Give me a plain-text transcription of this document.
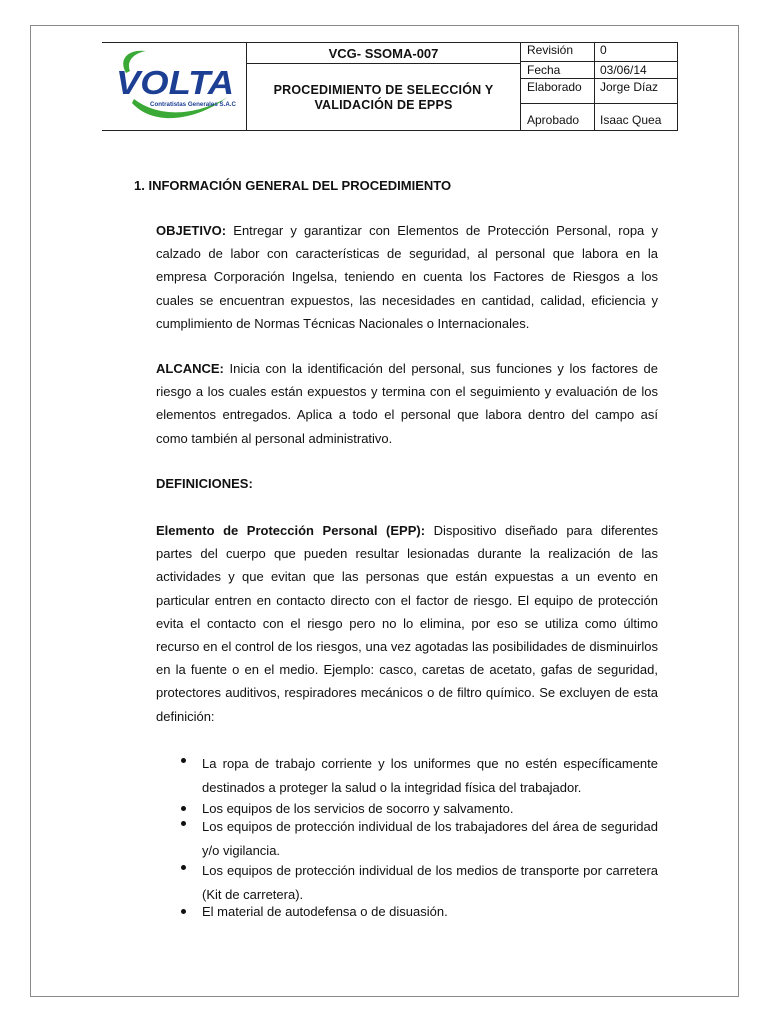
VOLTA
Contratistas Generales S.A.C
VCG- SSOMA-007
PROCEDIMIENTO DE SELECCIÓN Y
VALIDACIÓN DE EPPS
Revisión	0
Fecha	03/06/14
Elaborado	Jorge Díaz
Aprobado	Isaac Quea
1. INFORMACIÓN GENERAL DEL PROCEDIMIENTO

OBJETIVO: Entregar y garantizar con Elementos de Protección Personal, ropa y calzado de labor con características de seguridad, al personal que labora en la empresa Corporación Ingelsa, teniendo en cuenta los Factores de Riesgos a los cuales se encuentran expuestos, las necesidades en cantidad, calidad, eficiencia y cumplimiento de Normas Técnicas Nacionales o Internacionales.

ALCANCE: Inicia con la identificación del personal, sus funciones y los factores de riesgo a los cuales están expuestos y termina con el seguimiento y evaluación de los elementos entregados. Aplica a todo el personal que labora dentro del campo así como también al personal administrativo.

DEFINICIONES:

Elemento de Protección Personal (EPP): Dispositivo diseñado para diferentes partes del cuerpo que pueden resultar lesionadas durante la realización de las actividades y que evitan que las personas que están expuestas a un evento en particular entren en contacto directo con el factor de riesgo. El equipo de protección evita el contacto con el riesgo pero no lo elimina, por eso se utiliza como último recurso en el control de los riesgos, una vez agotadas las posibilidades de disminuirlos en la fuente o en el medio. Ejemplo: casco, caretas de acetato, gafas de seguridad, protectores auditivos, respiradores mecánicos o de filtro químico. Se excluyen de esta definición:

La ropa de trabajo corriente y los uniformes que no estén específicamente destinados a proteger la salud o la integridad física del trabajador.
Los equipos de los servicios de socorro y salvamento.
Los equipos de protección individual de los trabajadores del área de seguridad y/o vigilancia.
Los equipos de protección individual de los medios de transporte por carretera (Kit de carretera).
El material de autodefensa o de disuasión.
